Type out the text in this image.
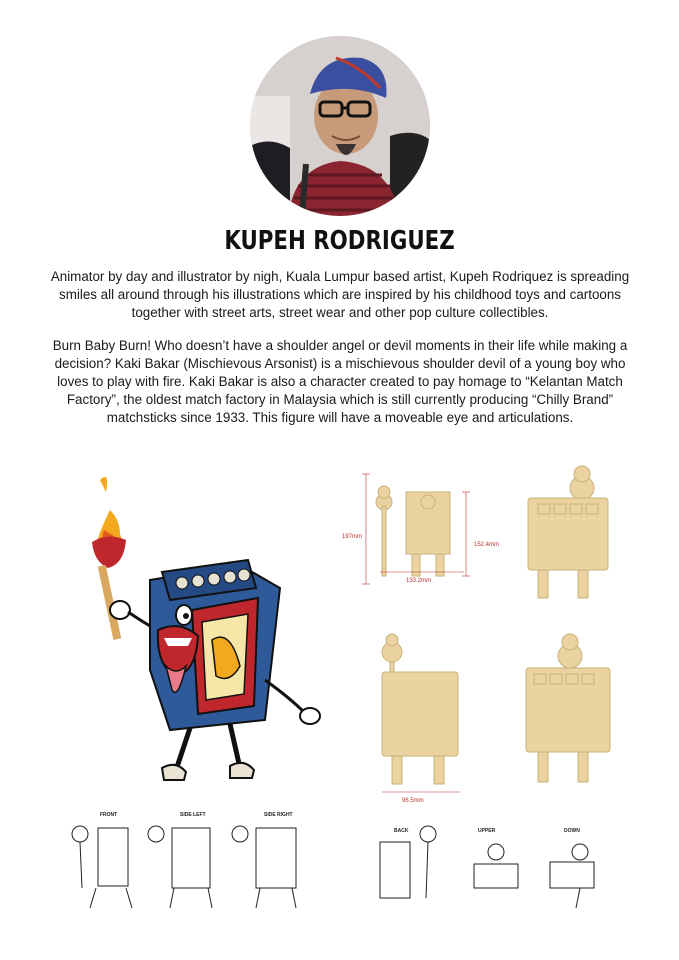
KUPEH RODRIGUEZ
Animator by day and illustrator by nigh, Kuala Lumpur based artist, Kupeh Rodriquez is spreading smiles all around through his illustrations which are inspired by his childhood toys and cartoons together with street arts, street wear and other pop culture collectibles.
Burn Baby Burn! Who doesn’t have a shoulder angel or devil moments in their life while making a decision? Kaki Bakar (Mischievous Arsonist) is a mischievous shoulder devil of a young boy who loves to play with fire. Kaki Bakar is also a character created to pay homage to “Kelantan Match Factory”, the oldest match factory in Malaysia which is still currently producing “Chilly Brand” matchsticks since 1933. This figure will have a moveable eye and articulations.
197mm
152.4mm
133.2mm
96.5mm
FRONT	SIDE LEFT	SIDE RIGHT
BACK	UPPER	DOWN
